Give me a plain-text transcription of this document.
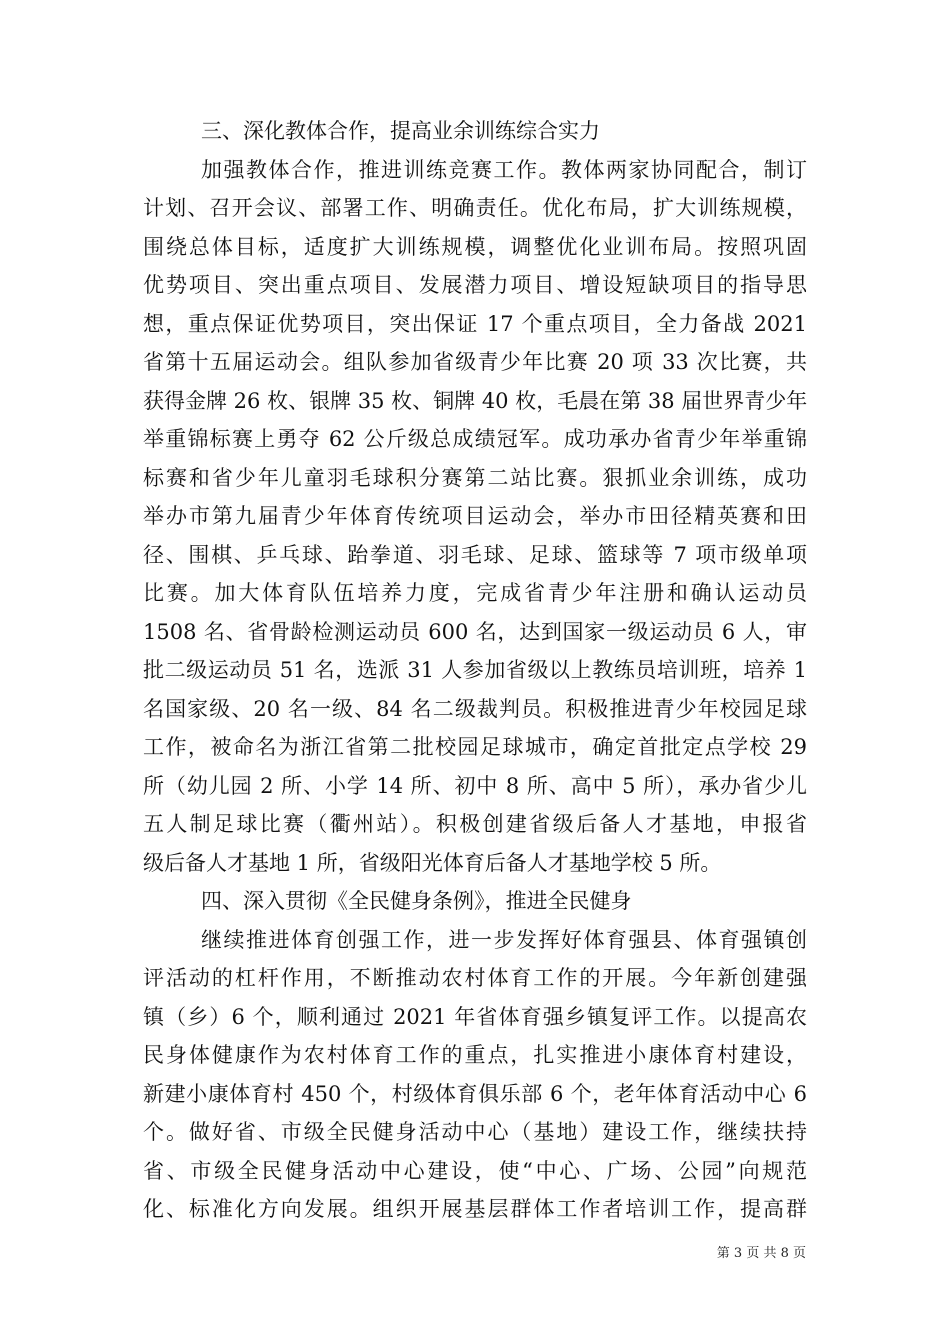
三、深化教体合作，提高业余训练综合实力
加强教体合作，推进训练竞赛工作。教体两家协同配合，制订
计划、召开会议、部署工作、明确责任。优化布局，扩大训练规模，
围绕总体目标，适度扩大训练规模，调整优化业训布局。按照巩固
优势项目、突出重点项目、发展潜力项目、增设短缺项目的指导思
想，重点保证优势项目，突出保证 17 个重点项目，全力备战 2021
省第十五届运动会。组队参加省级青少年比赛 20 项 33 次比赛，共
获得金牌 26 枚、银牌 35 枚、铜牌 40 枚，毛晨在第 38 届世界青少年
举重锦标赛上勇夺 62 公斤级总成绩冠军。成功承办省青少年举重锦
标赛和省少年儿童羽毛球积分赛第二站比赛。狠抓业余训练，成功
举办市第九届青少年体育传统项目运动会，举办市田径精英赛和田
径、围棋、乒乓球、跆拳道、羽毛球、足球、篮球等 7 项市级单项
比赛。加大体育队伍培养力度，完成省青少年注册和确认运动员
1508 名、省骨龄检测运动员 600 名，达到国家一级运动员 6 人，审
批二级运动员 51 名，选派 31 人参加省级以上教练员培训班，培养 1
名国家级、20 名一级、84 名二级裁判员。积极推进青少年校园足球
工作，被命名为浙江省第二批校园足球城市，确定首批定点学校 29
所（幼儿园 2 所、小学 14 所、初中 8 所、高中 5 所），承办省少儿
五人制足球比赛（衢州站）。积极创建省级后备人才基地，申报省
级后备人才基地 1 所，省级阳光体育后备人才基地学校 5 所。
四、深入贯彻《全民健身条例》，推进全民健身
继续推进体育创强工作，进一步发挥好体育强县、体育强镇创
评活动的杠杆作用，不断推动农村体育工作的开展。今年新创建强
镇（乡）6 个，顺利通过 2021 年省体育强乡镇复评工作。以提高农
民身体健康作为农村体育工作的重点，扎实推进小康体育村建设，
新建小康体育村 450 个，村级体育俱乐部 6 个，老年体育活动中心 6
个。做好省、市级全民健身活动中心（基地）建设工作，继续扶持
省、市级全民健身活动中心建设，使“中心、广场、公园”向规范
化、标准化方向发展。组织开展基层群体工作者培训工作，提高群
第 3 页 共 8 页
